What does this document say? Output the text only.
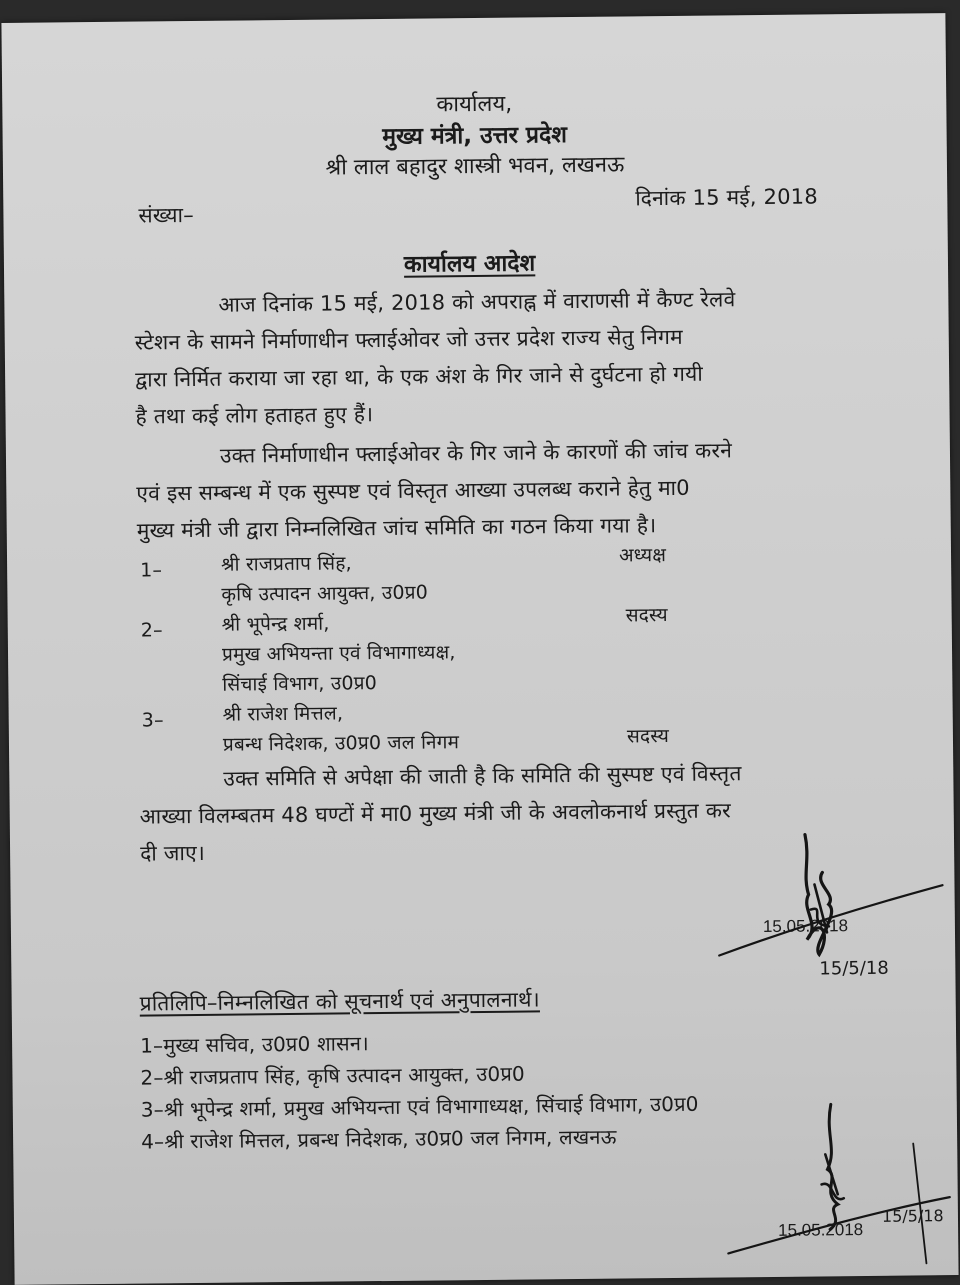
कार्यालय,
मुख्य मंत्री, उत्तर प्रदेश
श्री लाल बहादुर शास्त्री भवन, लखनऊ
संख्या–
दिनांक 15 मई, 2018
कार्यालय आदेश
आज दिनांक 15 मई, 2018 को अपराह्न में वाराणसी में कैण्ट रेलवे
स्टेशन के सामने निर्माणाधीन फ्लाईओवर जो उत्तर प्रदेश राज्य सेतु निगम
द्वारा निर्मित कराया जा रहा था, के एक अंश के गिर जाने से दुर्घटना हो गयी
है तथा कई लोग हताहत हुए हैं।
उक्त निर्माणाधीन फ्लाईओवर के गिर जाने के कारणों की जांच करने
एवं इस सम्बन्ध में एक सुस्पष्ट एवं विस्तृत आख्या उपलब्ध कराने हेतु मा0
मुख्य मंत्री जी द्वारा निम्नलिखित जांच समिति का गठन किया गया है।
1–	श्री राजप्रताप सिंह,
कृषि उत्पादन आयुक्त, उ0प्र0
अध्यक्ष
2–	श्री भूपेन्द्र शर्मा,
प्रमुख अभियन्ता एवं विभागाध्यक्ष,
सिंचाई विभाग, उ0प्र0
सदस्य
3–	श्री राजेश मित्तल,
प्रबन्ध निदेशक, उ0प्र0 जल निगम	सदस्य
उक्त समिति से अपेक्षा की जाती है कि समिति की सुस्पष्ट एवं विस्तृत
आख्या विलम्बतम 48 घण्टों में मा0 मुख्य मंत्री जी के अवलोकनार्थ प्रस्तुत कर
दी जाए।
15.05.2018
15/5/18
प्रतिलिपि–निम्नलिखित को सूचनार्थ एवं अनुपालनार्थ।
1–मुख्य सचिव, उ0प्र0 शासन।
2–श्री राजप्रताप सिंह, कृषि उत्पादन आयुक्त, उ0प्र0
3–श्री भूपेन्द्र शर्मा, प्रमुख अभियन्ता एवं विभागाध्यक्ष, सिंचाई विभाग, उ0प्र0
4–श्री राजेश मित्तल, प्रबन्ध निदेशक, उ0प्र0 जल निगम, लखनऊ
15.05.2018
15/5/18
